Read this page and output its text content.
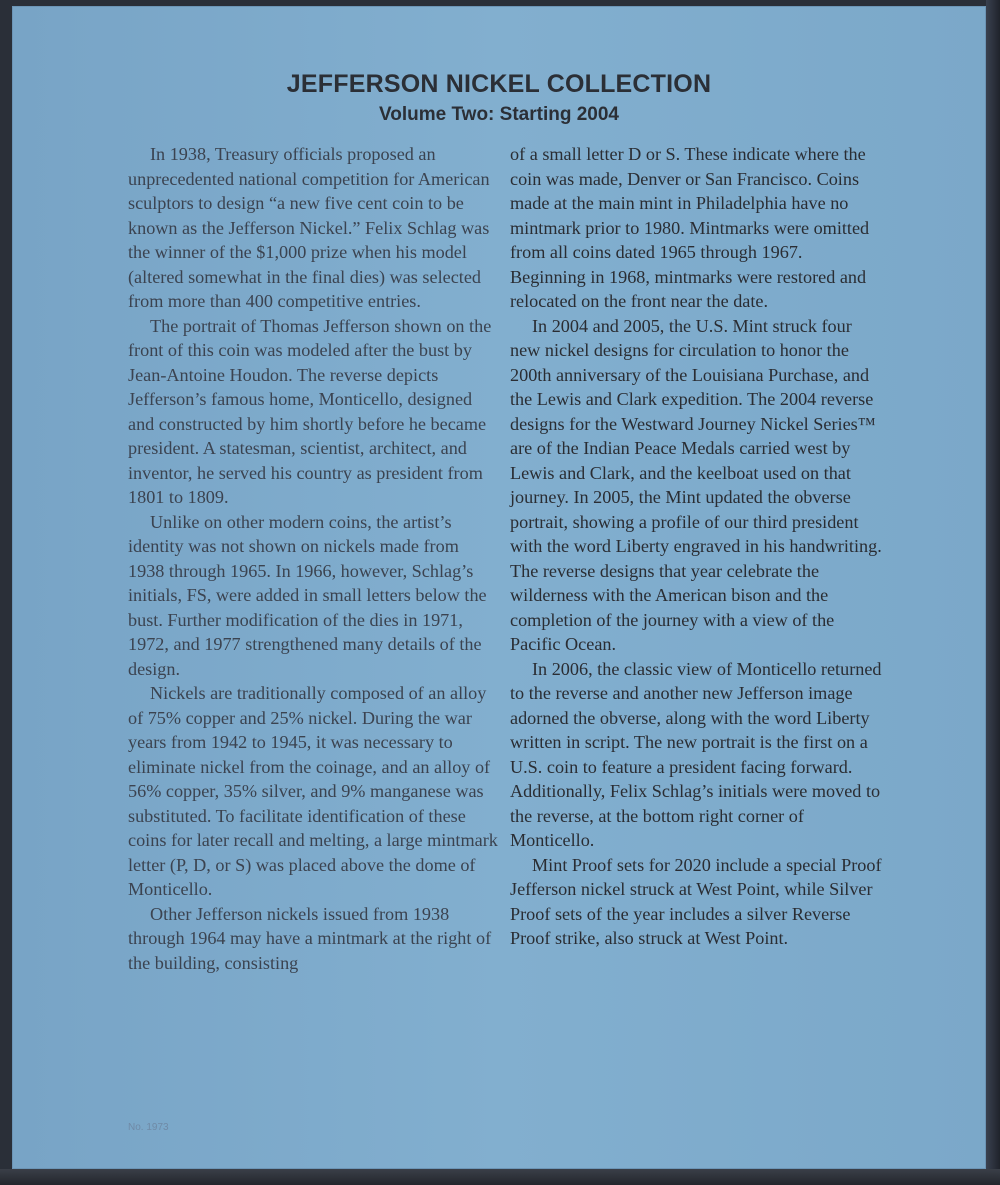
JEFFERSON NICKEL COLLECTION
Volume Two: Starting 2004

In 1938, Treasury officials proposed an unprecedented national competition for American sculptors to design “a new five cent coin to be known as the Jefferson Nickel.” Felix Schlag was the winner of the $1,000 prize when his model (altered somewhat in the final dies) was selected from more than 400 competitive entries.

The portrait of Thomas Jefferson shown on the front of this coin was modeled after the bust by Jean-Antoine Houdon. The reverse depicts Jefferson’s famous home, Monticello, designed and constructed by him shortly before he became president. A statesman, scientist, architect, and inventor, he served his country as president from 1801 to 1809.

Unlike on other modern coins, the artist’s identity was not shown on nickels made from 1938 through 1965. In 1966, however, Schlag’s initials, FS, were added in small letters below the bust. Further modification of the dies in 1971, 1972, and 1977 strengthened many details of the design.

Nickels are traditionally composed of an alloy of 75% copper and 25% nickel. During the war years from 1942 to 1945, it was necessary to eliminate nickel from the coinage, and an alloy of 56% copper, 35% silver, and 9% manganese was substituted. To facilitate identification of these coins for later recall and melting, a large mintmark letter (P, D, or S) was placed above the dome of Monticello.

Other Jefferson nickels issued from 1938 through 1964 may have a mintmark at the right of the building, consisting

of a small letter D or S. These indicate where the coin was made, Denver or San Francisco. Coins made at the main mint in Philadelphia have no mintmark prior to 1980. Mintmarks were omitted from all coins dated 1965 through 1967. Beginning in 1968, mintmarks were restored and relocated on the front near the date.

In 2004 and 2005, the U.S. Mint struck four new nickel designs for circulation to honor the 200th anniversary of the Louisiana Purchase, and the Lewis and Clark expedition. The 2004 reverse designs for the Westward Journey Nickel Series™ are of the Indian Peace Medals carried west by Lewis and Clark, and the keelboat used on that journey. In 2005, the Mint updated the obverse portrait, showing a profile of our third president with the word Liberty engraved in his handwriting. The reverse designs that year celebrate the wilderness with the American bison and the completion of the journey with a view of the Pacific Ocean.

In 2006, the classic view of Monticello returned to the reverse and another new Jefferson image adorned the obverse, along with the word Liberty written in script. The new portrait is the first on a U.S. coin to feature a president facing forward. Additionally, Felix Schlag’s initials were moved to the reverse, at the bottom right corner of Monticello.

Mint Proof sets for 2020 include a special Proof Jefferson nickel struck at West Point, while Silver Proof sets of the year includes a silver Reverse Proof strike, also struck at West Point.

No. 1973
